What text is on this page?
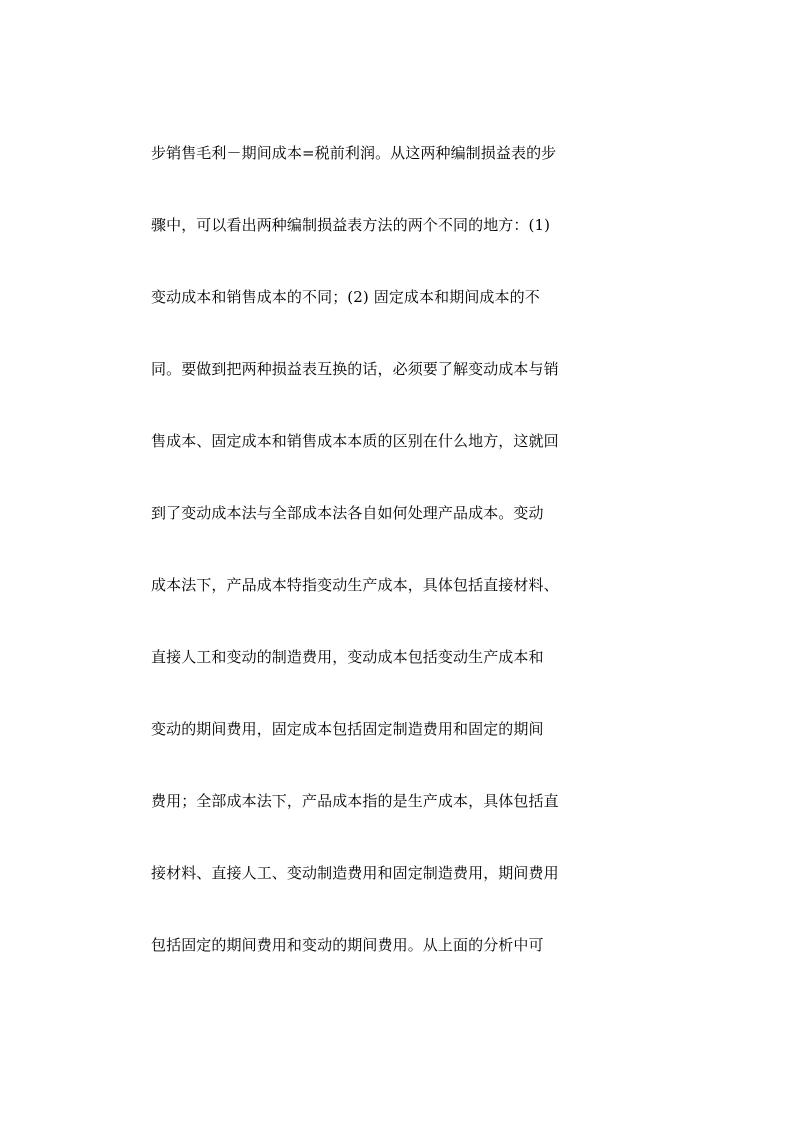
步销售毛利－期间成本=税前利润。从这两种编制损益表的步
骤中，可以看出两种编制损益表方法的两个不同的地方：(1)
变动成本和销售成本的不同；(2) 固定成本和期间成本的不
同。要做到把两种损益表互换的话，必须要了解变动成本与销
售成本、固定成本和销售成本本质的区别在什么地方，这就回
到了变动成本法与全部成本法各自如何处理产品成本。变动
成本法下，产品成本特指变动生产成本，具体包括直接材料、
直接人工和变动的制造费用，变动成本包括变动生产成本和
变动的期间费用，固定成本包括固定制造费用和固定的期间
费用；全部成本法下，产品成本指的是生产成本，具体包括直
接材料、直接人工、变动制造费用和固定制造费用，期间费用
包括固定的期间费用和变动的期间费用。从上面的分析中可
